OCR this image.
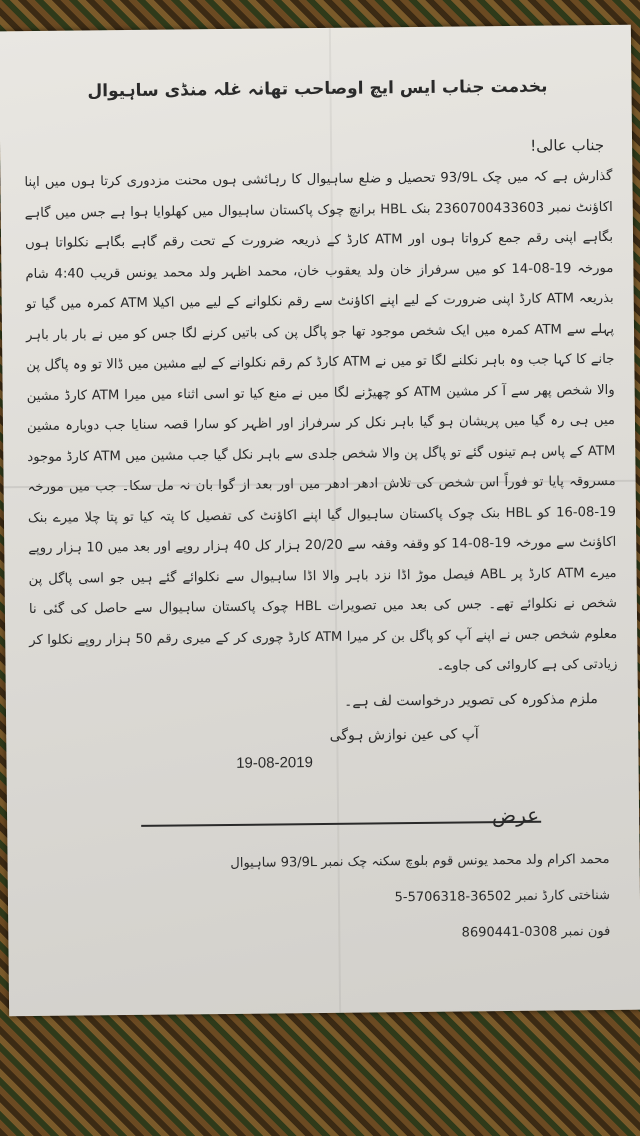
بخدمت جناب ایس ایچ اوصاحب تھانہ غلہ منڈی ساہیوال
جناب عالی!
گذارش ہے کہ میں چک 93/9L تحصیل و ضلع ساہیوال کا رہائشی ہوں محنت مزدوری کرتا ہوں میں اپنا اکاؤنٹ نمبر 2360700433603 بنک HBL برانچ چوک پاکستان ساہیوال میں کھلوایا ہوا ہے جس میں گاہے بگاہے اپنی رقم جمع کرواتا ہوں اور ATM کارڈ کے ذریعہ ضرورت کے تحت رقم گاہے بگاہے نکلواتا ہوں مورخہ 19-08-14 کو میں سرفراز خان ولد یعقوب خان، محمد اظہر ولد محمد یونس قریب 4:40 شام بذریعہ ATM کارڈ اپنی ضرورت کے لیے اپنے اکاؤنٹ سے رقم نکلوانے کے لیے میں اکیلا ATM کمرہ میں گیا تو پہلے سے ATM کمرہ میں ایک شخص موجود تھا جو پاگل پن کی باتیں کرنے لگا جس کو میں نے بار بار باہر جانے کا کہا جب وہ باہر نکلنے لگا تو میں نے ATM کارڈ کم رقم نکلوانے کے لیے مشین میں ڈالا تو وہ پاگل پن والا شخص پھر سے آ کر مشین ATM کو چھیڑنے لگا میں نے منع کیا تو اسی اثناء میں میرا ATM کارڈ مشین میں ہی رہ گیا میں پریشان ہو گیا باہر نکل کر سرفراز اور اظہر کو سارا قصہ سنایا جب دوبارہ مشین ATM کے پاس ہم تینوں گئے تو پاگل پن والا شخص جلدی سے باہر نکل گیا جب مشین میں ATM کارڈ موجود مسروقہ پایا تو فوراً اس شخص کی تلاش ادھر ادھر میں اور بعد از گوا بان نہ مل سکا۔ جب میں مورخہ 19-08-16 کو HBL بنک چوک پاکستان ساہیوال گیا اپنے اکاؤنٹ کی تفصیل کا پتہ کیا تو پتا چلا میرے بنک اکاؤنٹ سے مورخہ 19-08-14 کو وقفہ وقفہ سے 20/20 ہزار کل 40 ہزار روپے اور بعد میں 10 ہزار روپے میرے ATM کارڈ پر ABL فیصل موڑ اڈا نزد باہر والا اڈا ساہیوال سے نکلوائے گئے ہیں جو اسی پاگل پن شخص نے نکلوائے تھے۔ جس کی بعد میں تصویرات HBL چوک پاکستان ساہیوال سے حاصل کی گئی نا معلوم شخص جس نے اپنے آپ کو پاگل بن کر میرا ATM کارڈ چوری کر کے میری رقم 50 ہزار روپے نکلوا کر زیادتی کی ہے کاروائی کی جاوے۔
ملزم مذکورہ کی تصویر درخواست لف ہے۔
آپ کی عین نوازش ہوگی
19-08-2019
عرض
محمد اکرام ولد محمد یونس قوم بلوچ سکنہ چک نمبر 93/9L ساہیوال
شناختی کارڈ نمبر 36502-5706318-5
فون نمبر 0308-8690441
